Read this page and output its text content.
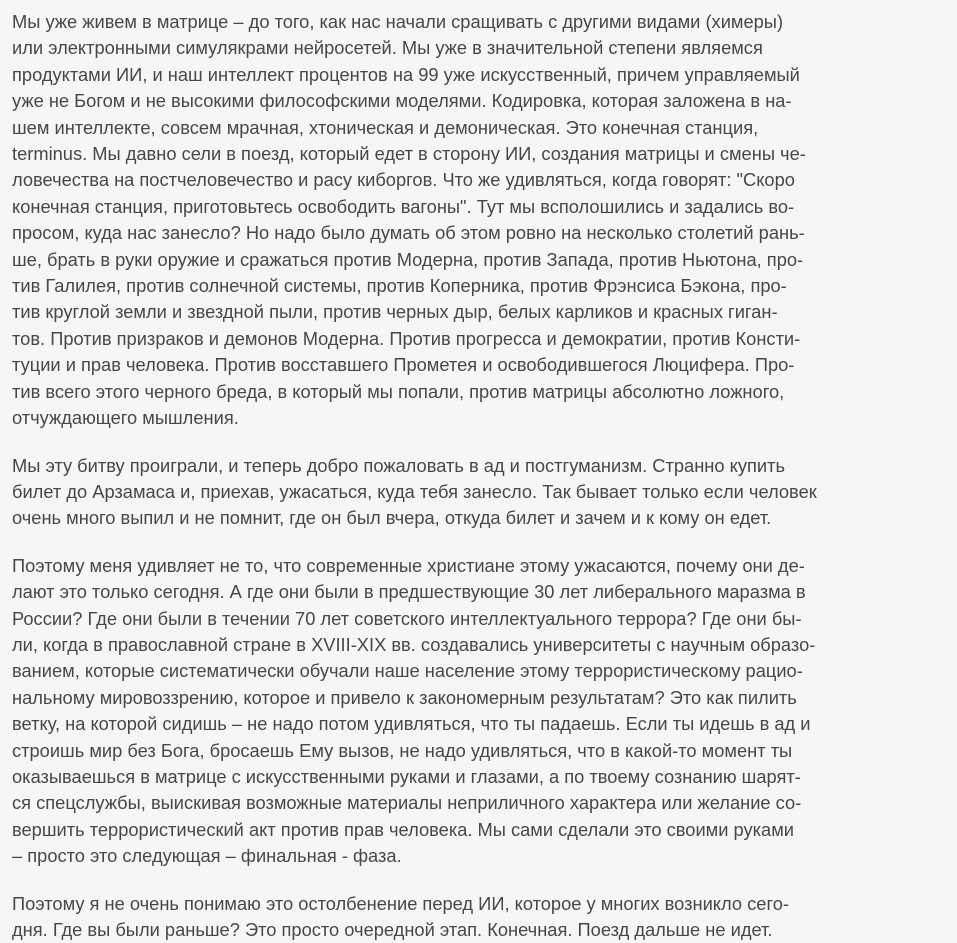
Мы уже живем в матрице – до того, как нас начали сращивать с другими видами (химеры)
или электронными симулякрами нейросетей. Мы уже в значительной степени являемся
продуктами ИИ, и наш интеллект процентов на 99 уже искусственный, причем управляемый
уже не Богом и не высокими философскими моделями. Кодировка, которая заложена в на-
шем интеллекте, совсем мрачная, хтоническая и демоническая. Это конечная станция,
terminus. Мы давно сели в поезд, который едет в сторону ИИ, создания матрицы и смены че-
ловечества на постчеловечество и расу киборгов. Что же удивляться, когда говорят: "Скоро
конечная станция, приготовьтесь освободить вагоны". Тут мы всполошились и задались во-
просом, куда нас занесло? Но надо было думать об этом ровно на несколько столетий рань-
ше, брать в руки оружие и сражаться против Модерна, против Запада, против Ньютона, про-
тив Галилея, против солнечной системы, против Коперника, против Фрэнсиса Бэкона, про-
тив круглой земли и звездной пыли, против черных дыр, белых карликов и красных гиган-
тов. Против призраков и демонов Модерна. Против прогресса и демократии, против Консти-
туции и прав человека. Против восставшего Прометея и освободившегося Люцифера. Про-
тив всего этого черного бреда, в который мы попали, против матрицы абсолютно ложного,
отчуждающего мышления.

Мы эту битву проиграли, и теперь добро пожаловать в ад и постгуманизм. Странно купить
билет до Арзамаса и, приехав, ужасаться, куда тебя занесло. Так бывает только если человек
очень много выпил и не помнит, где он был вчера, откуда билет и зачем и к кому он едет.

Поэтому меня удивляет не то, что современные христиане этому ужасаются, почему они де-
лают это только сегодня. А где они были в предшествующие 30 лет либерального маразма в
России? Где они были в течении 70 лет советского интеллектуального террора? Где они бы-
ли, когда в православной стране в XVIII-XIX вв. создавались университеты с научным образо-
ванием, которые систематически обучали наше население этому террористическому рацио-
нальному мировоззрению, которое и привело к закономерным результатам? Это как пилить
ветку, на которой сидишь – не надо потом удивляться, что ты падаешь. Если ты идешь в ад и
строишь мир без Бога, бросаешь Ему вызов, не надо удивляться, что в какой-то момент ты
оказываешься в матрице с искусственными руками и глазами, а по твоему сознанию шарят-
ся спецслужбы, выискивая возможные материалы неприличного характера или желание со-
вершить террористический акт против прав человека. Мы сами сделали это своими руками
– просто это следующая – финальная - фаза.

Поэтому я не очень понимаю это остолбенение перед ИИ, которое у многих возникло сего-
дня. Где вы были раньше? Это просто очередной этап. Конечная. Поезд дальше не идет.
